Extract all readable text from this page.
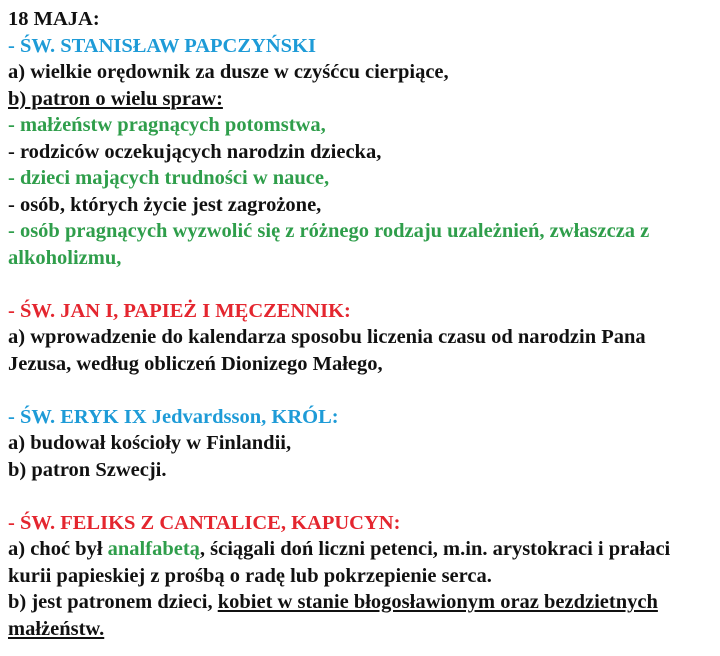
18 MAJA:
- ŚW. STANISŁAW PAPCZYŃSKI
a) wielkie orędownik za dusze w czyśćcu cierpiące,
b) patron o wielu spraw:
- małżeństw pragnących potomstwa,
- rodziców oczekujących narodzin dziecka,
- dzieci mających trudności w nauce,
- osób, których życie jest zagrożone,
- osób pragnących wyzwolić się z różnego rodzaju uzależnień, zwłaszcza z alkoholizmu,
- ŚW. JAN I, PAPIEŻ I MĘCZENNIK:
a) wprowadzenie do kalendarza sposobu liczenia czasu od narodzin Pana Jezusa, według obliczeń Dionizego Małego,
- ŚW. ERYK IX Jedvardsson, KRÓL:
a) budował kościoły w Finlandii,
b) patron Szwecji.
- ŚW. FELIKS Z CANTALICE, KAPUCYN:
a) choć był analfabetą, ściągali doń liczni petenci, m.in. arystokraci i prałaci kurii papieskiej z prośbą o radę lub pokrzepienie serca.
b) jest patronem dzieci, kobiet w stanie błogosławionym oraz bezdzietnych małżeństw.
